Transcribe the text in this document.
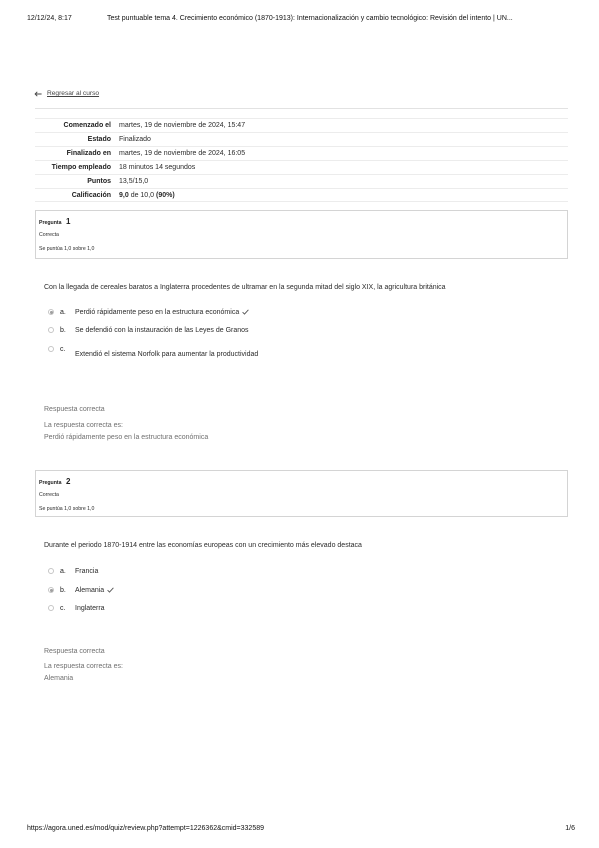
12/12/24, 8:17	Test puntuable tema 4. Crecimiento económico (1870-1913): Internacionalización y cambio tecnológico: Revisión del intento | UN...
Regresar al curso
Comenzado el martes, 19 de noviembre de 2024, 15:47
Estado Finalizado
Finalizado en martes, 19 de noviembre de 2024, 16:05
Tiempo empleado 18 minutos 14 segundos
Puntos 13,5/15,0
Calificación 9,0 de 10,0 (90%)
Pregunta 1
Correcta
Se puntúa 1,0 sobre 1,0
Con la llegada de cereales baratos a Inglaterra procedentes de ultramar en la segunda mitad del siglo XIX, la agricultura británica
a. Perdió rápidamente peso en la estructura económica
b. Se defendió con la instauración de las Leyes de Granos
c.
Extendió el sistema Norfolk para aumentar la productividad
Respuesta correcta
La respuesta correcta es:
Perdió rápidamente peso en la estructura económica
Pregunta 2
Correcta
Se puntúa 1,0 sobre 1,0
Durante el periodo 1870-1914 entre las economías europeas con un crecimiento más elevado destaca
a. Francia
b. Alemania
c. Inglaterra
Respuesta correcta
La respuesta correcta es:
Alemania
https://agora.uned.es/mod/quiz/review.php?attempt=1226362&cmid=332589	1/6
